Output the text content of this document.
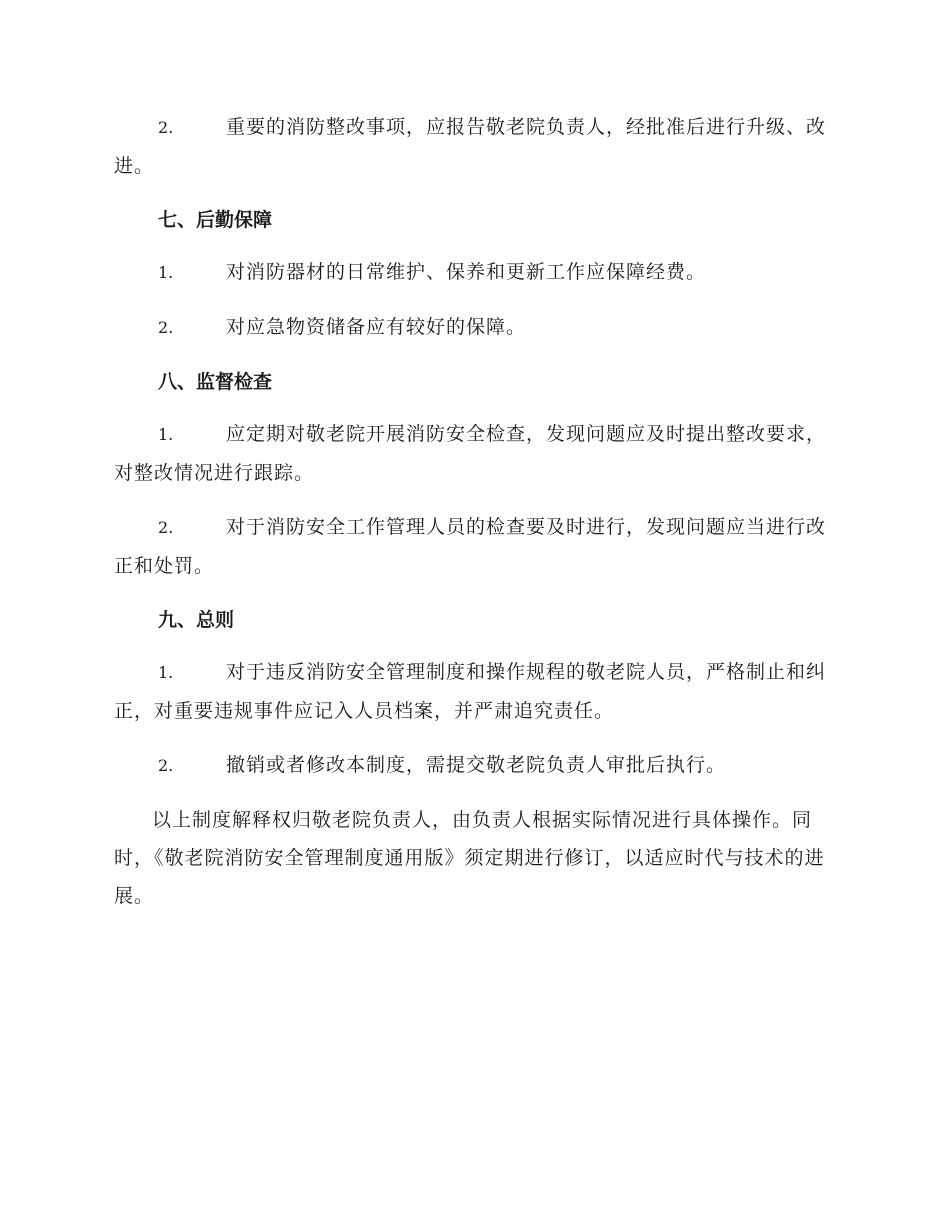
2.	重要的消防整改事项，应报告敬老院负责人，经批准后进行升级、改进。
七、后勤保障
1.	对消防器材的日常维护、保养和更新工作应保障经费。
2.	对应急物资储备应有较好的保障。
八、监督检查
1.	应定期对敬老院开展消防安全检查，发现问题应及时提出整改要求，对整改情况进行跟踪。
2.	对于消防安全工作管理人员的检查要及时进行，发现问题应当进行改正和处罚。
九、总则
1.	对于违反消防安全管理制度和操作规程的敬老院人员，严格制止和纠正，对重要违规事件应记入人员档案，并严肃追究责任。
2.	撤销或者修改本制度，需提交敬老院负责人审批后执行。

以上制度解释权归敬老院负责人，由负责人根据实际情况进行具体操作。同时，《敬老院消防安全管理制度通用版》须定期进行修订，以适应时代与技术的进展。
